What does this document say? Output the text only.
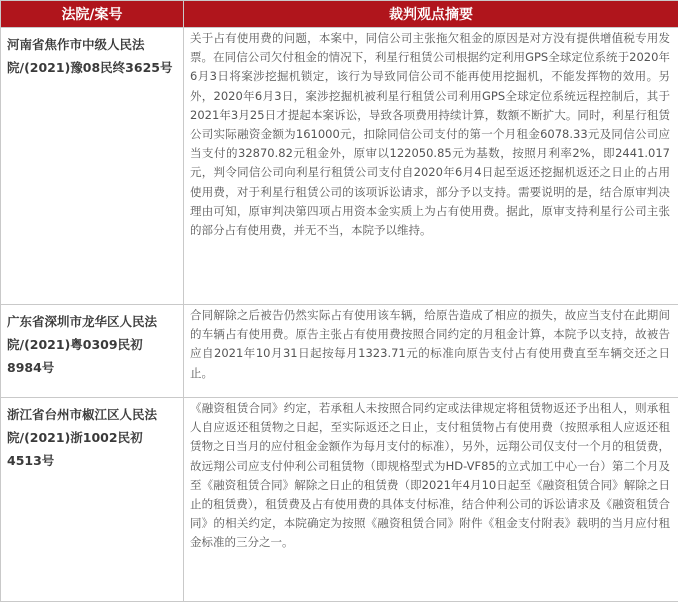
法院/案号	裁判观点摘要
河南省焦作市中级人民法院/(2021)豫08民终3625号	关于占有使用费的问题，本案中，同信公司主张拖欠租金的原因是对方没有提供增值税专用发票。在同信公司欠付租金的情况下，利星行租赁公司根据约定利用GPS全球定位系统于2020年6月3日将案涉挖掘机锁定，该行为导致同信公司不能再使用挖掘机，不能发挥物的效用。另外，2020年6月3日，案涉挖掘机被利星行租赁公司利用GPS全球定位系统远程控制后，其于2021年3月25日才提起本案诉讼，导致各项费用持续计算，数额不断扩大。同时，利星行租赁公司实际融资金额为161000元，扣除同信公司支付的第一个月租金6078.33元及同信公司应当支付的32870.82元租金外，原审以122050.85元为基数，按照月利率2%，即2441.017元，判令同信公司向利星行租赁公司支付自2020年6月4日起至返还挖掘机返还之日止的占用使用费，对于利星行租赁公司的该项诉讼请求，部分予以支持。需要说明的是，结合原审判决理由可知，原审判决第四项占用资本金实质上为占有使用费。据此，原审支持利星行公司主张的部分占有使用费，并无不当，本院予以维持。
广东省深圳市龙华区人民法院/(2021)粤0309民初8984号	合同解除之后被告仍然实际占有使用该车辆，给原告造成了相应的损失，故应当支付在此期间的车辆占有使用费。原告主张占有使用费按照合同约定的月租金计算，本院予以支持，故被告应自2021年10月31日起按每月1323.71元的标准向原告支付占有使用费直至车辆交还之日止。
浙江省台州市椒江区人民法院/(2021)浙1002民初4513号	《融资租赁合同》约定，若承租人未按照合同约定或法律规定将租赁物返还予出租人，则承租人自应返还租赁物之日起，至实际返还之日止，支付租赁物占有使用费（按照承租人应返还租赁物之日当月的应付租金金额作为每月支付的标准），另外，远翔公司仅支付一个月的租赁费，故远翔公司应支付仲利公司租赁物（即规格型式为HD-VF85的立式加工中心一台）第二个月及至《融资租赁合同》解除之日止的租赁费（即2021年4月10日起至《融资租赁合同》解除之日止的租赁费），租赁费及占有使用费的具体支付标准，结合仲利公司的诉讼请求及《融资租赁合同》的相关约定，本院确定为按照《融资租赁合同》附件《租金支付附表》载明的当月应付租金标准的三分之一。
